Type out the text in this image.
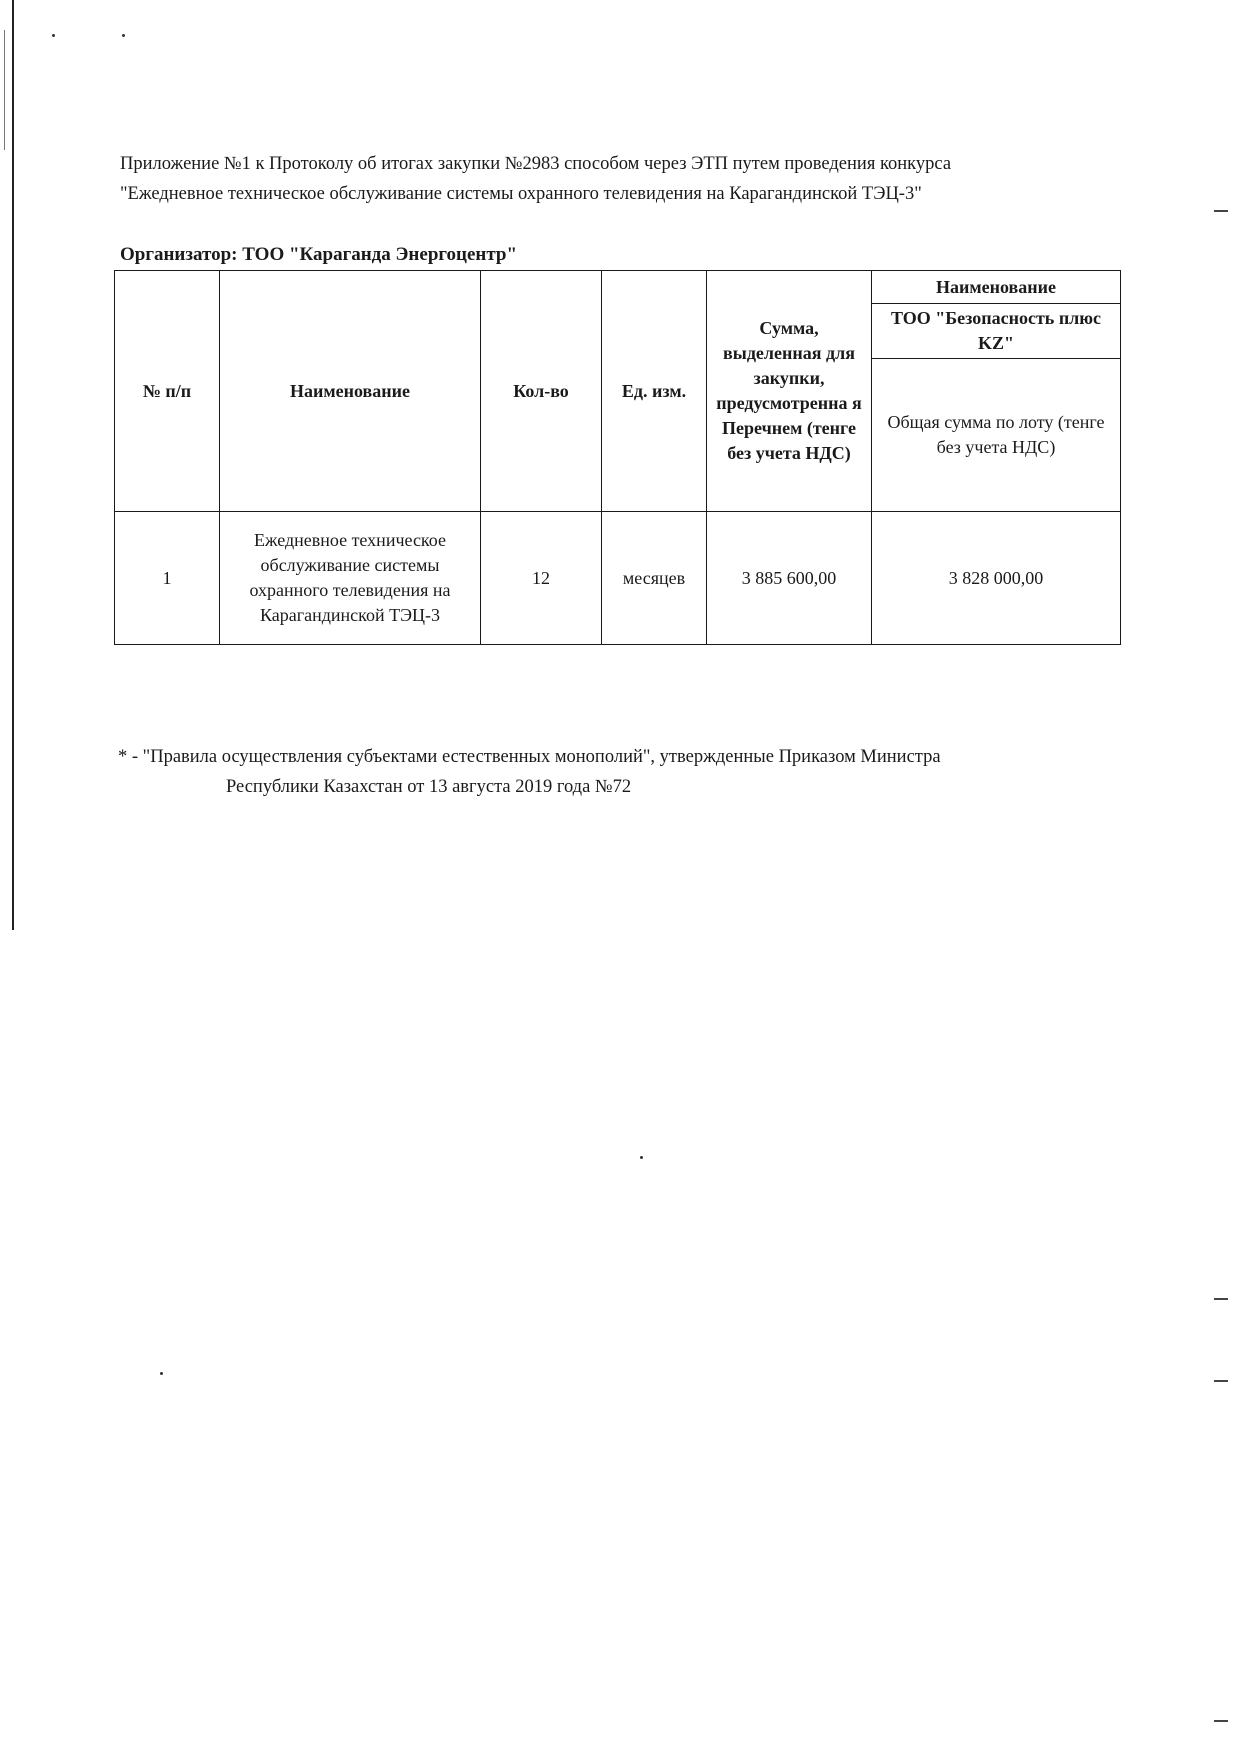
Приложение №1 к Протоколу об итогах закупки №2983 способом через ЭТП путем проведения конкурса
"Ежедневное техническое обслуживание системы охранного телевидения на Карагандинской ТЭЦ-3"
Организатор: ТОО "Караганда Энергоцентр"
№ п/п	Наименование	Кол-во	Ед. изм.	Сумма, выделенная для закупки, предусмотренна я Перечнем (тенге без учета НДС)	Наименование
					ТОО "Безопасность плюс KZ"
					Общая сумма по лоту (тенге без учета НДС)
1	Ежедневное техническое обслуживание системы охранного телевидения на Карагандинской ТЭЦ-3	12	месяцев	3 885 600,00	3 828 000,00
* - "Правила осуществления субъектами естественных монополий", утвержденные Приказом Министра
Республики Казахстан от 13 августа 2019 года №72
